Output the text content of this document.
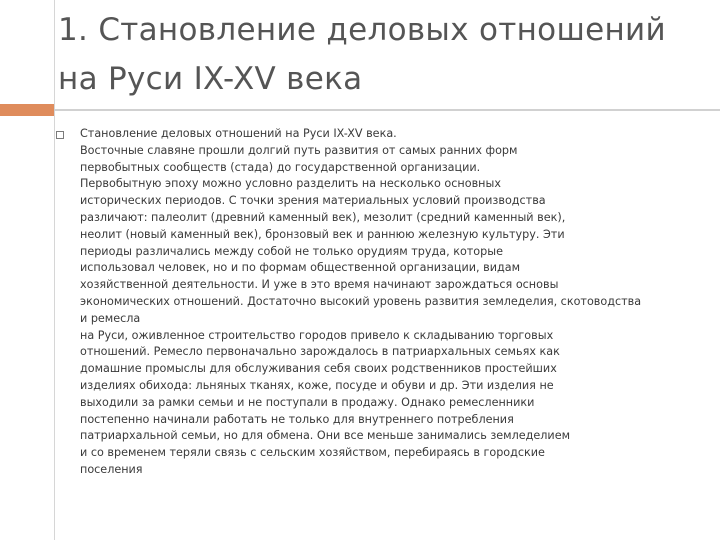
1. Становление деловых отношений
на Руси IX-XV века
Становление деловых отношений на Руси IX-XV века.
Восточные славяне прошли долгий путь развития от самых ранних форм
первобытных сообществ (стада) до государственной организации.
Первобытную эпоху можно условно разделить на несколько основных
исторических периодов. С точки зрения материальных условий производства
различают: палеолит (древний каменный век), мезолит (средний каменный век),
неолит (новый каменный век), бронзовый век и раннюю железную культуру. Эти
периоды различались между собой не только орудиям труда, которые
использовал человек, но и по формам общественной организации, видам
хозяйственной деятельности. И уже в это время начинают зарождаться основы
экономических отношений. Достаточно высокий уровень развития земледелия, скотоводства
и ремесла
на Руси, оживленное строительство городов привело к складыванию торговых
отношений. Ремесло первоначально зарождалось в патриархальных семьях как
домашние промыслы для обслуживания себя своих родственников простейших
изделиях обихода: льняных тканях, коже, посуде и обуви и др. Эти изделия не
выходили за рамки семьи и не поступали в продажу. Однако ремесленники
постепенно начинали работать не только для внутреннего потребления
патриархальной семьи, но для обмена. Они все меньше занимались земледелием
и со временем теряли связь с сельским хозяйством, перебираясь в городские
поселения
